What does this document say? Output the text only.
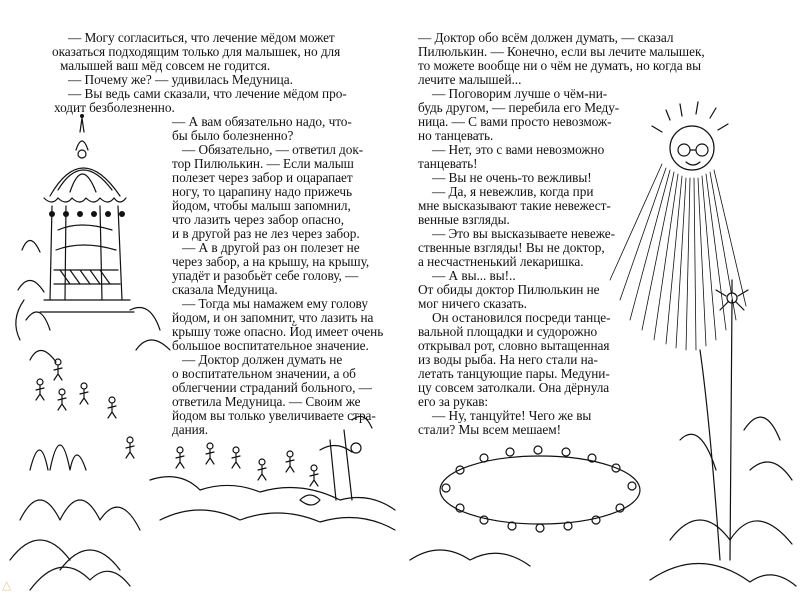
— Могу согласиться, что лечение мёдом может
оказаться подходящим только для малышек, но для
малышей ваш мёд совсем не годится.
— Почему же? — удивилась Медуница.
— Вы ведь сами сказали, что лечение мёдом про-
ходит безболезненно.
— А вам обязательно надо, что-
бы было болезненно?
— Обязательно, — ответил док-
тор Пилюлькин. — Если малыш
полезет через забор и оцарапает
ногу, то царапину надо прижечь
йодом, чтобы малыш запомнил,
что лазить через забор опасно,
и в другой раз не лез через забор.
— А в другой раз он полезет не
через забор, а на крышу, на крышу,
упадёт и разобьёт себе голову, —
сказала Медуница.
— Тогда мы намажем ему голову
йодом, и он запомнит, что лазить на
крышу тоже опасно. Йод имеет очень
большое воспитательное значение.
— Доктор должен думать не
о воспитательном значении, а об
облегчении страданий больного, —
ответила Медуница. — Своим же
йодом вы только увеличиваете стра-
дания.
— Доктор обо всём должен думать, — сказал
Пилюлькин. — Конечно, если вы лечите малышек,
то можете вообще ни о чём не думать, но когда вы
лечите малышей...
— Поговорим лучше о чём-ни-
будь другом, — перебила его Меду-
ница. — С вами просто невозмож-
но танцевать.
— Нет, это с вами невозможно
танцевать!
— Вы не очень-то вежливы!
— Да, я невежлив, когда при
мне высказывают такие невежест-
венные взгляды.
— Это вы высказываете невеже-
ственные взгляды! Вы не доктор,
а несчастненький лекаришка.
— А вы... вы!..
От обиды доктор Пилюлькин не
мог ничего сказать.
Он остановился посреди танце-
вальной площадки и судорожно
открывал рот, словно вытащенная
из воды рыба. На него стали на-
летать танцующие пары. Медуни-
цу совсем затолкали. Она дёрнула
его за рукав:
— Ну, танцуйте! Чего же вы
стали? Мы всем мешаем!
△
